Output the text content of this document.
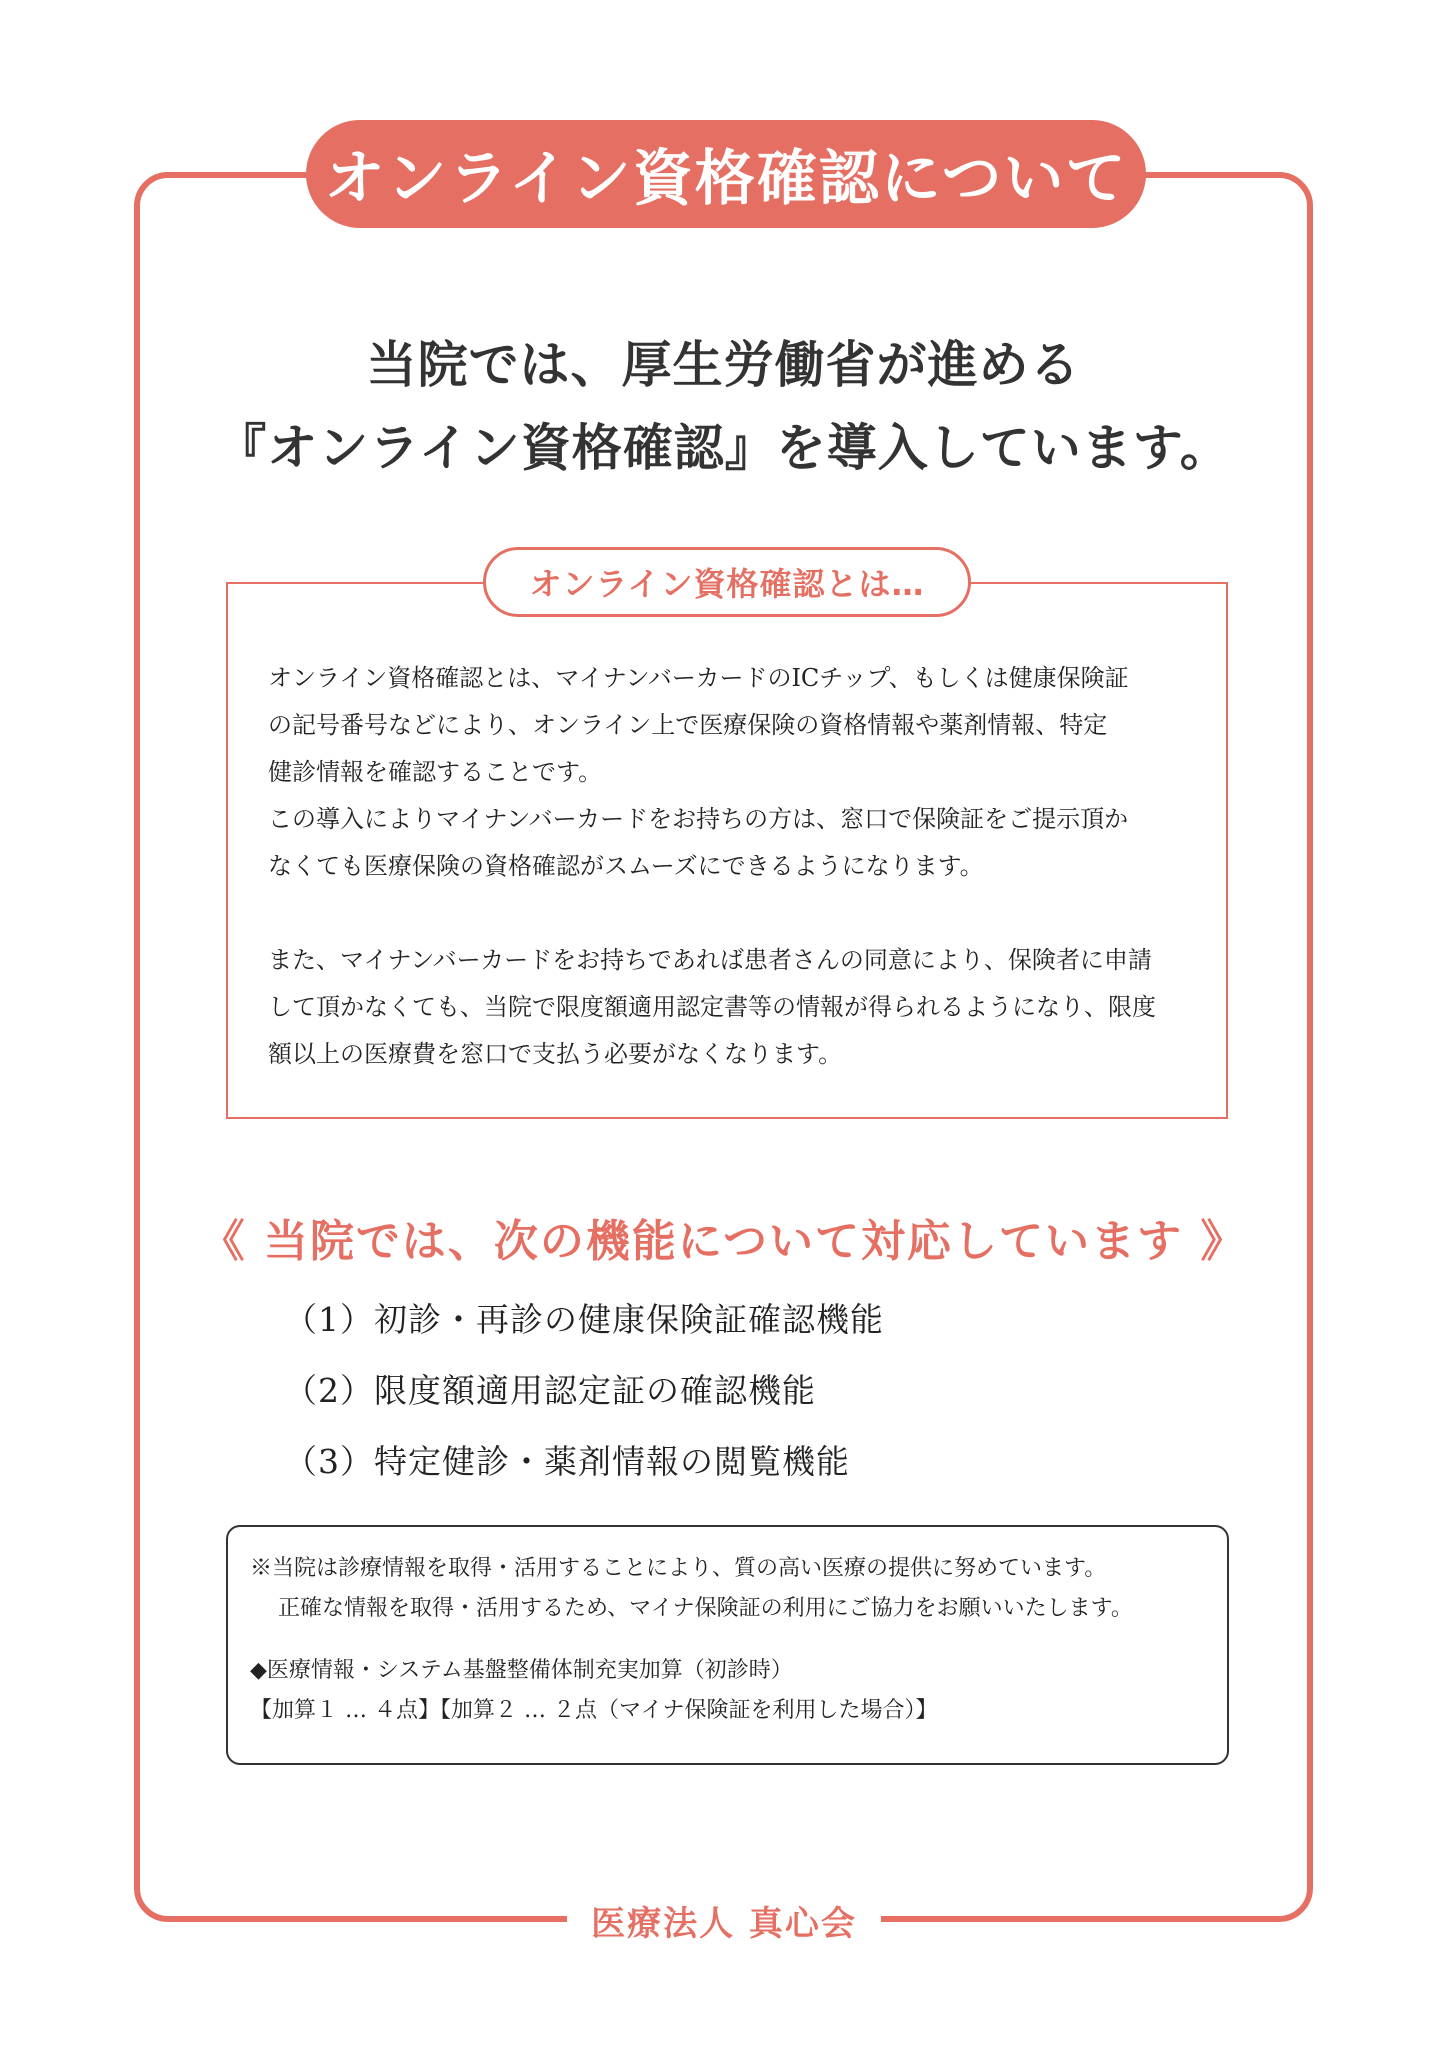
オンライン資格確認について
当院では、厚生労働省が進める
『オンライン資格確認』を導入しています。
オンライン資格確認とは…

オンライン資格確認とは、マイナンバーカードのICチップ、もしくは健康保険証

の記号番号などにより、オンライン上で医療保険の資格情報や薬剤情報、特定

健診情報を確認することです。

この導入によりマイナンバーカードをお持ちの方は、窓口で保険証をご提示頂か

なくても医療保険の資格確認がスムーズにできるようになります。

また、マイナンバーカードをお持ちであれば患者さんの同意により、保険者に申請

して頂かなくても、当院で限度額適用認定書等の情報が得られるようになり、限度

額以上の医療費を窓口で支払う必要がなくなります。

《 当院では、次の機能について対応しています 》
（1）初診・再診の健康保険証確認機能
（2）限度額適用認定証の確認機能
（3）特定健診・薬剤情報の閲覧機能

※当院は診療情報を取得・活用することにより、質の高い医療の提供に努めています。

正確な情報を取得・活用するため、マイナ保険証の利用にご協力をお願いいたします。

◆医療情報・システム基盤整備体制充実加算（初診時）

【加算１ … ４点】【加算２ … ２点（マイナ保険証を利用した場合）】

医療法人 真心会
